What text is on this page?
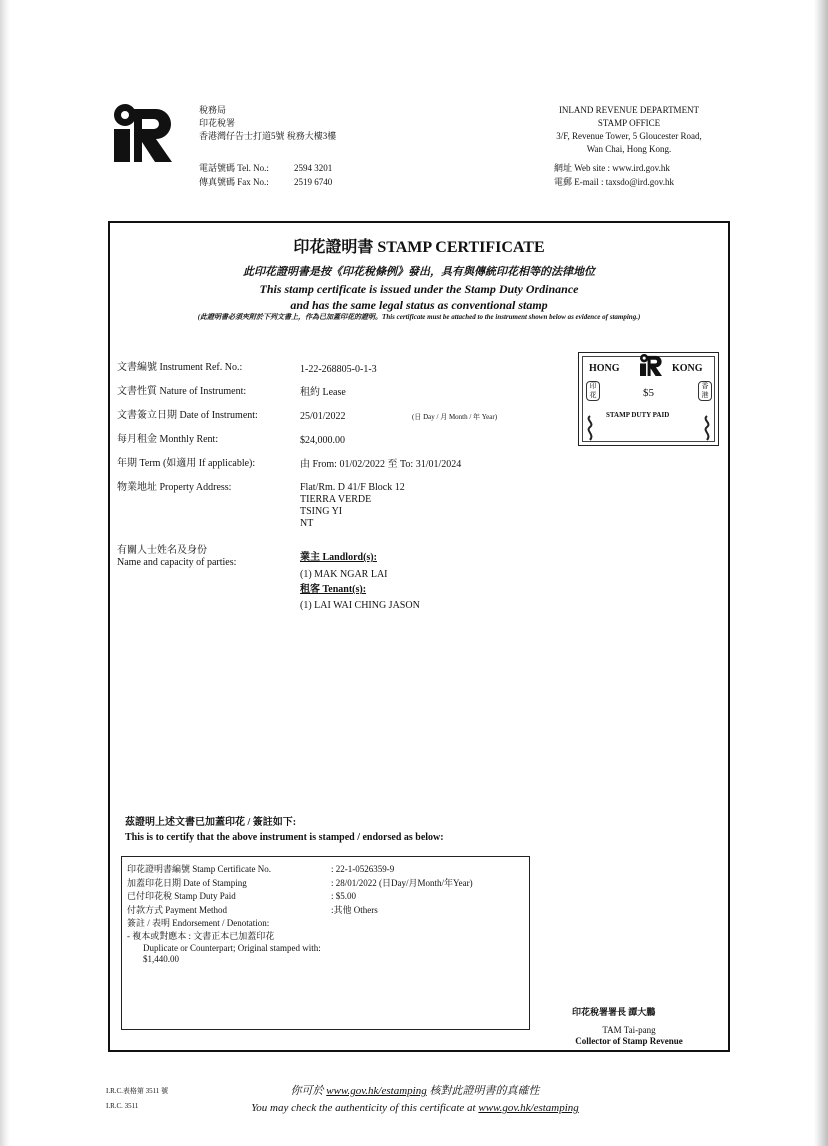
稅務局
印花稅署
香港灣仔告士打道5號 稅務大樓3樓
電話號碼 Tel. No.:	2594 3201
傳真號碼 Fax No.:	2519 6740
INLAND REVENUE DEPARTMENT
STAMP OFFICE
3/F, Revenue Tower, 5 Gloucester Road,
Wan Chai, Hong Kong.
網址 Web site : www.ird.gov.hk
電郵 E-mail : taxsdo@ird.gov.hk
印花證明書 STAMP CERTIFICATE
此印花證明書是按《印花稅條例》發出，具有與傳統印花相等的法律地位
This stamp certificate is issued under the Stamp Duty Ordinance
and has the same legal status as conventional stamp
(此證明書必須夾附於下列文書上，作為已加蓋印花的證明。This certificate must be attached to the instrument shown below as evidence of stamping.)
文書編號 Instrument Ref. No.:	1-22-268805-0-1-3
文書性質 Nature of Instrument:	租約 Lease
文書簽立日期 Date of Instrument:	25/01/2022	(日 Day / 月 Month / 年 Year)
每月租金 Monthly Rent:	$24,000.00
年期 Term (如適用 If applicable):	由 From: 01/02/2022 至 To: 31/01/2024
物業地址 Property Address:	Flat/Rm. D 41/F Block 12
TIERRA VERDE
TSING YI
NT
有關人士姓名及身份
Name and capacity of parties:	業主 Landlord(s):
(1) MAK NGAR LAI
租客 Tenant(s):
(1) LAI WAI CHING JASON
HONG	KONG
$5
STAMP DUTY PAID
印花
香港
茲證明上述文書已加蓋印花 / 簽註如下:
This is to certify that the above instrument is stamped / endorsed as below:
印花證明書編號 Stamp Certificate No.	: 22-1-0526359-9
加蓋印花日期 Date of Stamping	: 28/01/2022 (日Day/月Month/年Year)
已付印花稅 Stamp Duty Paid	: $5.00
付款方式 Payment Method	:其他 Others
簽註 / 表明 Endorsement / Denotation:
- 複本或對應本 : 文書正本已加蓋印花
Duplicate or Counterpart; Original stamped with:
$1,440.00
印花稅署署長 譚大鵬
TAM Tai-pang
Collector of Stamp Revenue
I.R.C.表格第 3511 號
I.R.C. 3511
你可於 www.gov.hk/estamping 核對此證明書的真確性
You may check the authenticity of this certificate at www.gov.hk/estamping
